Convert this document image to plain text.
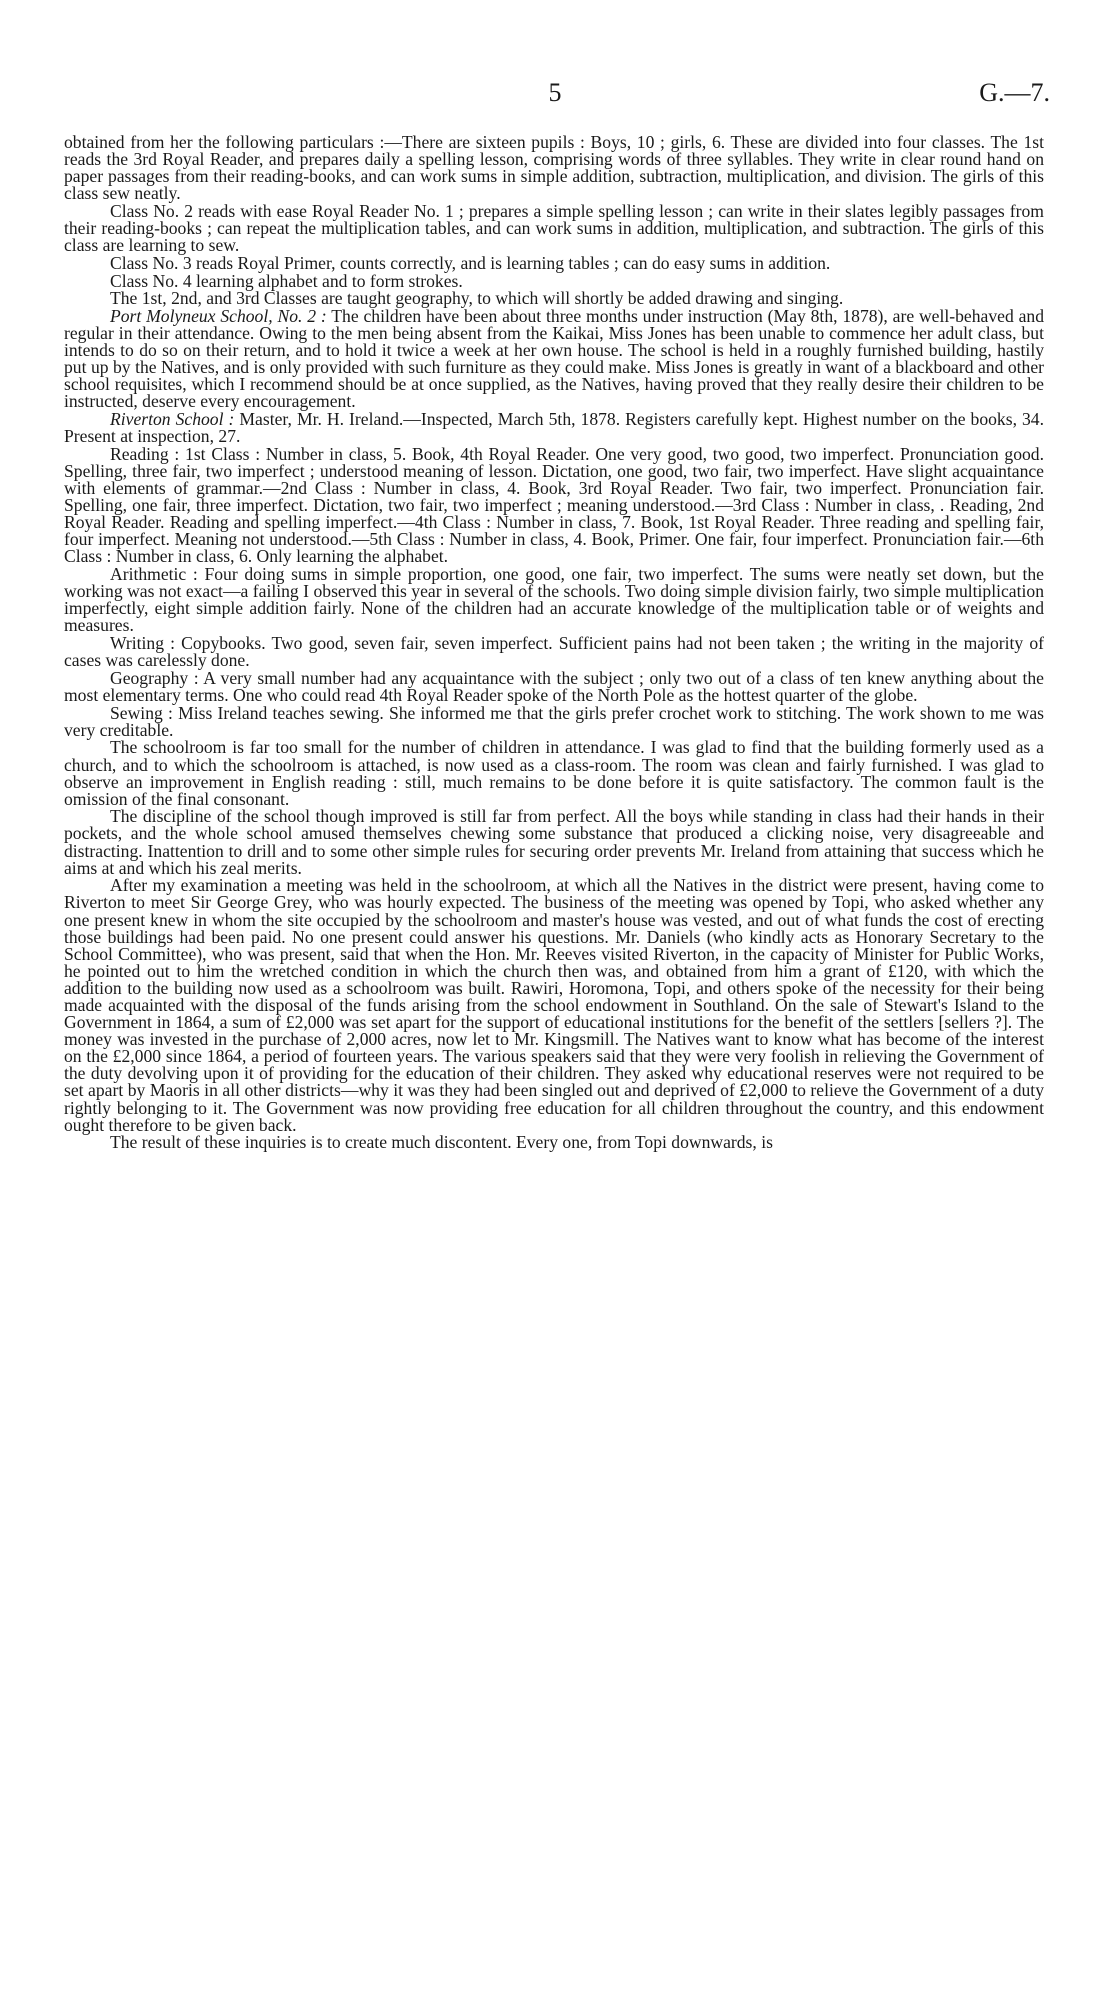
5	G.—7.

obtained from her the following particulars :—There are sixteen pupils : Boys, 10 ; girls, 6. These are divided into four classes. The 1st reads the 3rd Royal Reader, and prepares daily a spelling lesson, comprising words of three syllables. They write in clear round hand on paper passages from their reading-books, and can work sums in simple addition, subtraction, multiplication, and division. The girls of this class sew neatly.

Class No. 2 reads with ease Royal Reader No. 1 ; prepares a simple spelling lesson ; can write in their slates legibly passages from their reading-books ; can repeat the multiplication tables, and can work sums in addition, multiplication, and subtraction. The girls of this class are learning to sew.

Class No. 3 reads Royal Primer, counts correctly, and is learning tables ; can do easy sums in addition.

Class No. 4 learning alphabet and to form strokes.

The 1st, 2nd, and 3rd Classes are taught geography, to which will shortly be added drawing and singing.

Port Molyneux School, No. 2 : The children have been about three months under instruction (May 8th, 1878), are well-behaved and regular in their attendance. Owing to the men being absent from the Kaikai, Miss Jones has been unable to commence her adult class, but intends to do so on their return, and to hold it twice a week at her own house. The school is held in a roughly furnished building, hastily put up by the Natives, and is only provided with such furniture as they could make. Miss Jones is greatly in want of a blackboard and other school requisites, which I recommend should be at once supplied, as the Natives, having proved that they really desire their children to be instructed, deserve every encouragement.

Riverton School : Master, Mr. H. Ireland.—Inspected, March 5th, 1878. Registers carefully kept. Highest number on the books, 34. Present at inspection, 27.

Reading : 1st Class : Number in class, 5. Book, 4th Royal Reader. One very good, two good, two imperfect. Pronunciation good. Spelling, three fair, two imperfect ; understood meaning of lesson. Dictation, one good, two fair, two imperfect. Have slight acquaintance with elements of grammar.—2nd Class : Number in class, 4. Book, 3rd Royal Reader. Two fair, two imperfect. Pronunciation fair. Spelling, one fair, three imperfect. Dictation, two fair, two imperfect ; meaning understood.—3rd Class : Number in class, . Reading, 2nd Royal Reader. Reading and spelling imperfect.—4th Class : Number in class, 7. Book, 1st Royal Reader. Three reading and spelling fair, four imperfect. Meaning not understood.—5th Class : Number in class, 4. Book, Primer. One fair, four imperfect. Pronunciation fair.—6th Class : Number in class, 6. Only learning the alphabet.

Arithmetic : Four doing sums in simple proportion, one good, one fair, two imperfect. The sums were neatly set down, but the working was not exact—a failing I observed this year in several of the schools. Two doing simple division fairly, two simple multiplication imperfectly, eight simple addition fairly. None of the children had an accurate knowledge of the multiplication table or of weights and measures.

Writing : Copybooks. Two good, seven fair, seven imperfect. Sufficient pains had not been taken ; the writing in the majority of cases was carelessly done.

Geography : A very small number had any acquaintance with the subject ; only two out of a class of ten knew anything about the most elementary terms. One who could read 4th Royal Reader spoke of the North Pole as the hottest quarter of the globe.

Sewing : Miss Ireland teaches sewing. She informed me that the girls prefer crochet work to stitching. The work shown to me was very creditable.

The schoolroom is far too small for the number of children in attendance. I was glad to find that the building formerly used as a church, and to which the schoolroom is attached, is now used as a class-room. The room was clean and fairly furnished. I was glad to observe an improvement in English reading : still, much remains to be done before it is quite satisfactory. The common fault is the omission of the final consonant.

The discipline of the school though improved is still far from perfect. All the boys while standing in class had their hands in their pockets, and the whole school amused themselves chewing some substance that produced a clicking noise, very disagreeable and distracting. Inattention to drill and to some other simple rules for securing order prevents Mr. Ireland from attaining that success which he aims at and which his zeal merits.

After my examination a meeting was held in the schoolroom, at which all the Natives in the district were present, having come to Riverton to meet Sir George Grey, who was hourly expected. The business of the meeting was opened by Topi, who asked whether any one present knew in whom the site occupied by the schoolroom and master's house was vested, and out of what funds the cost of erecting those buildings had been paid. No one present could answer his questions. Mr. Daniels (who kindly acts as Honorary Secretary to the School Committee), who was present, said that when the Hon. Mr. Reeves visited Riverton, in the capacity of Minister for Public Works, he pointed out to him the wretched condition in which the church then was, and obtained from him a grant of £120, with which the addition to the building now used as a schoolroom was built. Rawiri, Horomona, Topi, and others spoke of the necessity for their being made acquainted with the disposal of the funds arising from the school endowment in Southland. On the sale of Stewart's Island to the Government in 1864, a sum of £2,000 was set apart for the support of educational institutions for the benefit of the settlers [sellers ?]. The money was invested in the purchase of 2,000 acres, now let to Mr. Kingsmill. The Natives want to know what has become of the interest on the £2,000 since 1864, a period of fourteen years. The various speakers said that they were very foolish in relieving the Government of the duty devolving upon it of providing for the education of their children. They asked why educational reserves were not required to be set apart by Maoris in all other districts—why it was they had been singled out and deprived of £2,000 to relieve the Government of a duty rightly belonging to it. The Government was now providing free education for all children throughout the country, and this endowment ought therefore to be given back.

The result of these inquiries is to create much discontent. Every one, from Topi downwards, is
